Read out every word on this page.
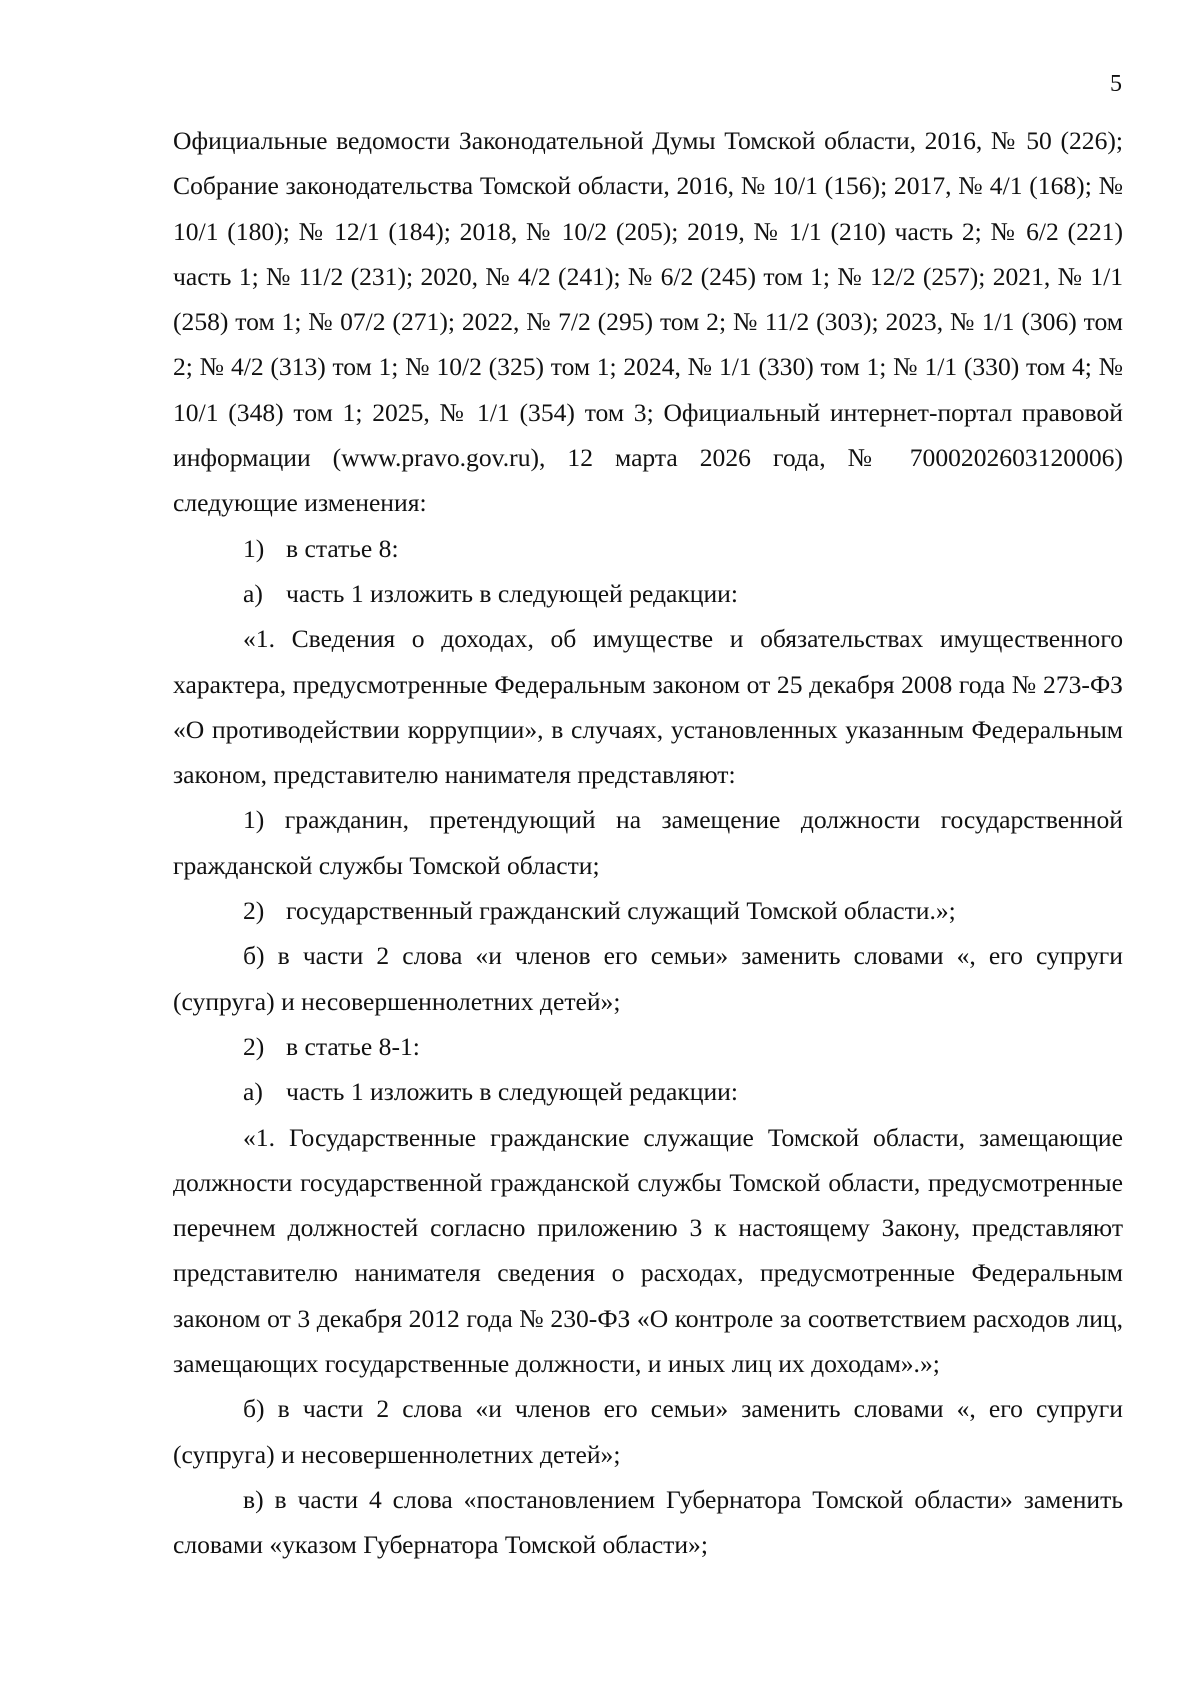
5

Официальные ведомости Законодательной Думы Томской области, 2016, № 50 (226); Собрание законодательства Томской области, 2016, № 10/1 (156); 2017, № 4/1 (168); № 10/1 (180); № 12/1 (184); 2018, № 10/2 (205); 2019, № 1/1 (210) часть 2; № 6/2 (221) часть 1; № 11/2 (231); 2020, № 4/2 (241); № 6/2 (245) том 1; № 12/2 (257); 2021, № 1/1 (258) том 1; № 07/2 (271); 2022, № 7/2 (295) том 2; № 11/2 (303); 2023, № 1/1 (306) том 2; № 4/2 (313) том 1; № 10/2 (325) том 1; 2024, № 1/1 (330) том 1; № 1/1 (330) том 4; № 10/1 (348) том 1; 2025, № 1/1 (354) том 3; Официальный интернет-портал правовой информации (www.pravo.gov.ru), 12 марта 2026 года, № 7000202603120006) следующие изменения:

1) в статье 8:

а) часть 1 изложить в следующей редакции:

«1. Сведения о доходах, об имуществе и обязательствах имущественного характера, предусмотренные Федеральным законом от 25 декабря 2008 года № 273-ФЗ «О противодействии коррупции», в случаях, установленных указанным Федеральным законом, представителю нанимателя представляют:

1) гражданин, претендующий на замещение должности государственной гражданской службы Томской области;

2) государственный гражданский служащий Томской области.»;

б) в части 2 слова «и членов его семьи» заменить словами «, его супруги (супруга) и несовершеннолетних детей»;

2) в статье 8-1:

а) часть 1 изложить в следующей редакции:

«1. Государственные гражданские служащие Томской области, замещающие должности государственной гражданской службы Томской области, предусмотренные перечнем должностей согласно приложению 3 к настоящему Закону, представляют представителю нанимателя сведения о расходах, предусмотренные Федеральным законом от 3 декабря 2012 года № 230-ФЗ «О контроле за соответствием расходов лиц, замещающих государственные должности, и иных лиц их доходам».»;

б) в части 2 слова «и членов его семьи» заменить словами «, его супруги (супруга) и несовершеннолетних детей»;

в) в части 4 слова «постановлением Губернатора Томской области» заменить словами «указом Губернатора Томской области»;
